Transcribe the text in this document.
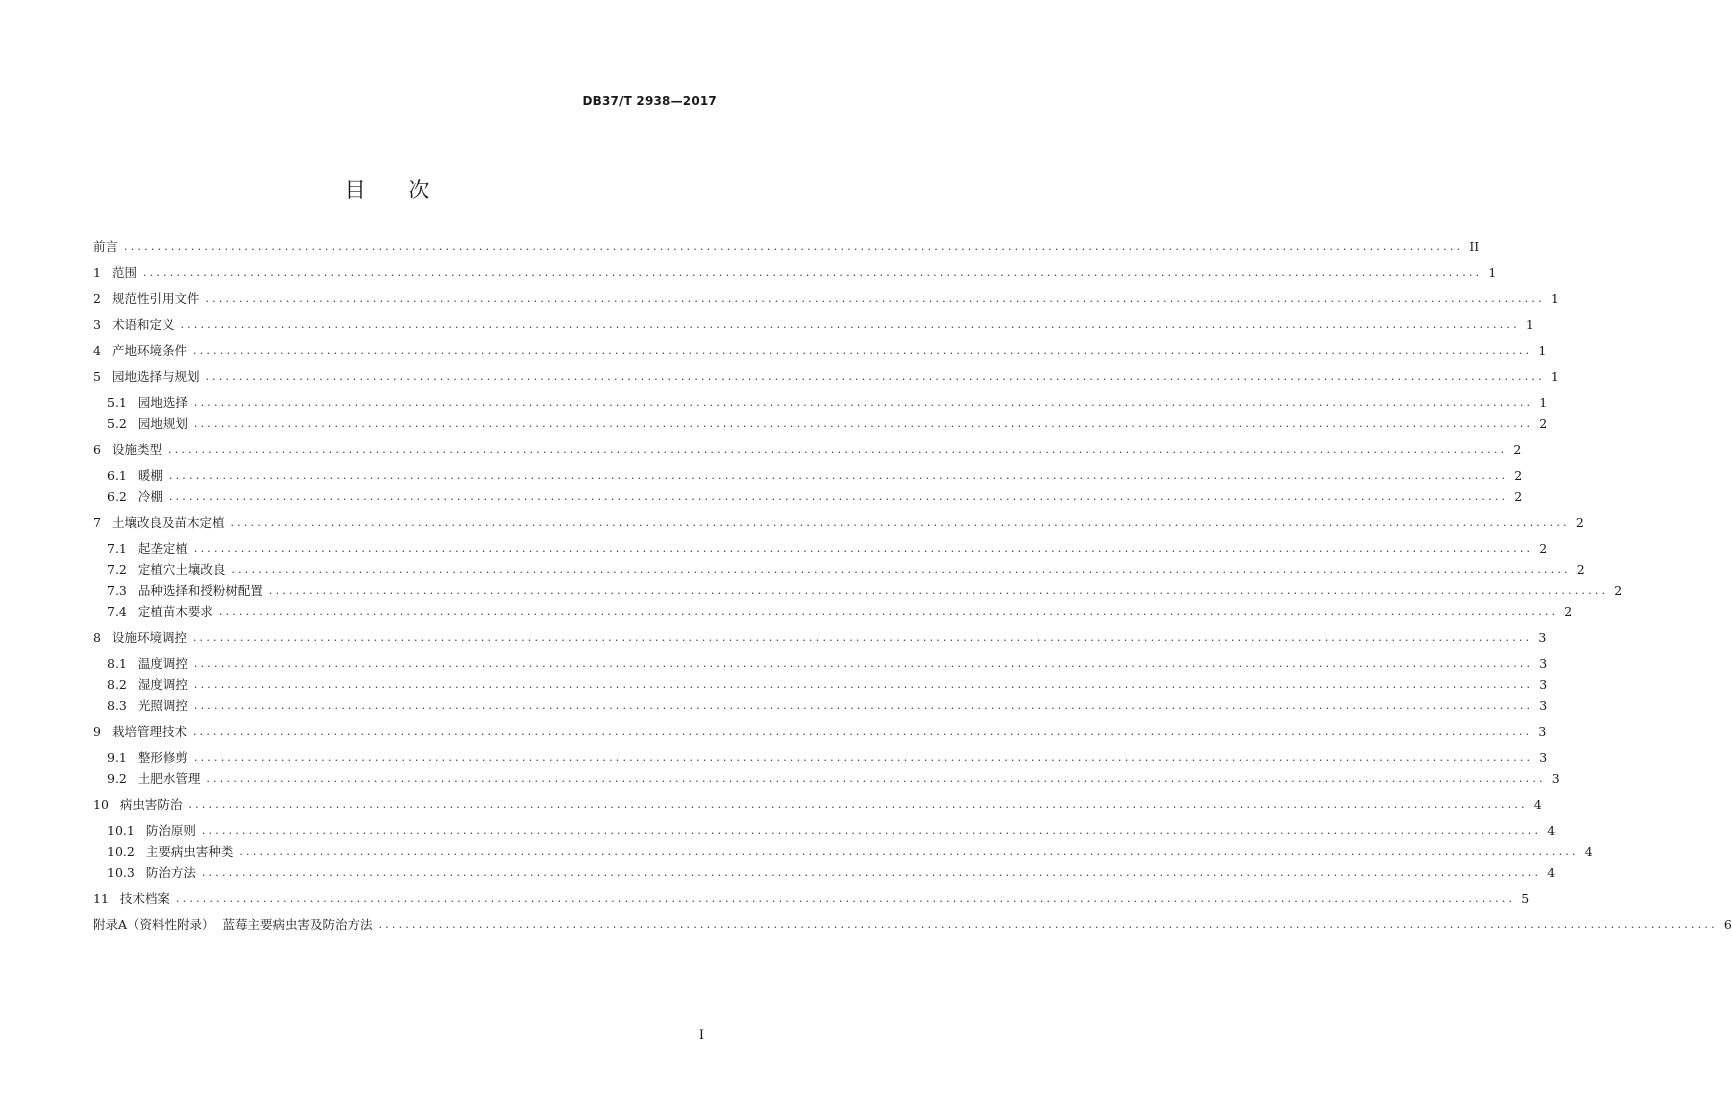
DB37/T 2938—2017
目 次
前言 ........................................................................................................................................................................................................ II
1 范围 ........................................................................................................................................................................................................ 1
2 规范性引用文件 ........................................................................................................................................................................................................ 1
3 术语和定义 ........................................................................................................................................................................................................ 1
4 产地环境条件 ........................................................................................................................................................................................................ 1
5 园地选择与规划 ........................................................................................................................................................................................................ 1
5.1 园地选择 ........................................................................................................................................................................................................ 1
5.2 园地规划 ........................................................................................................................................................................................................ 2
6 设施类型 ........................................................................................................................................................................................................ 2
6.1 暖棚 ........................................................................................................................................................................................................ 2
6.2 冷棚 ........................................................................................................................................................................................................ 2
7 土壤改良及苗木定植 ........................................................................................................................................................................................................ 2
7.1 起垄定植 ........................................................................................................................................................................................................ 2
7.2 定植穴土壤改良 ........................................................................................................................................................................................................ 2
7.3 品种选择和授粉树配置 ........................................................................................................................................................................................................ 2
7.4 定植苗木要求 ........................................................................................................................................................................................................ 2
8 设施环境调控 ........................................................................................................................................................................................................ 3
8.1 温度调控 ........................................................................................................................................................................................................ 3
8.2 湿度调控 ........................................................................................................................................................................................................ 3
8.3 光照调控 ........................................................................................................................................................................................................ 3
9 栽培管理技术 ........................................................................................................................................................................................................ 3
9.1 整形修剪 ........................................................................................................................................................................................................ 3
9.2 土肥水管理 ........................................................................................................................................................................................................ 3
10 病虫害防治 ........................................................................................................................................................................................................ 4
10.1 防治原则 ........................................................................................................................................................................................................ 4
10.2 主要病虫害种类 ........................................................................................................................................................................................................ 4
10.3 防治方法 ........................................................................................................................................................................................................ 4
11 技术档案 ........................................................................................................................................................................................................ 5
附录A（资料性附录）  蓝莓主要病虫害及防治方法 ........................................................................................................................................................................................................ 6
I
